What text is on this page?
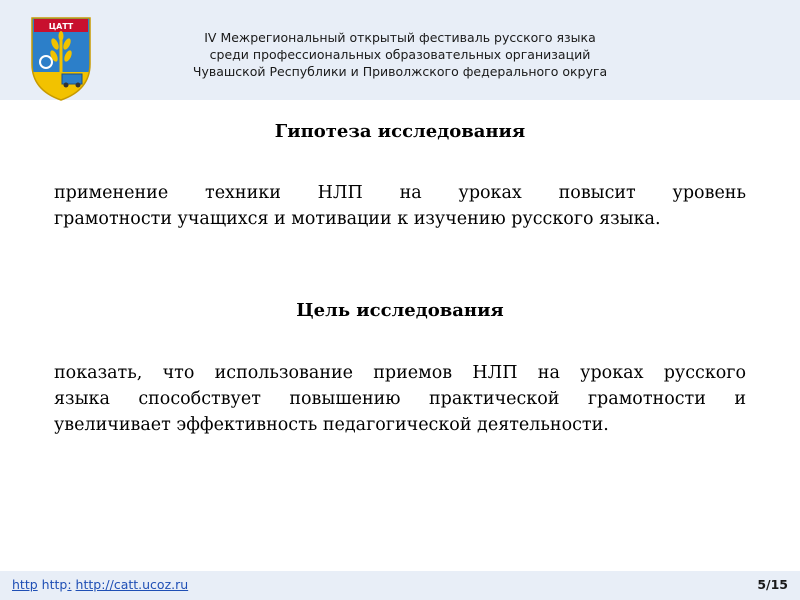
ЦАТТ
IV Межрегиональный открытый фестиваль русского языка
среди профессиональных образовательных организаций
Чувашской Республики и Приволжского федерального округа
Гипотеза исследования
применение техники НЛП на уроках повысит уровень
грамотности учащихся и мотивации к изучению русского языка.
Цель исследования
показать, что использование приемов НЛП на уроках русского
языка способствует повышению практической грамотности и
увеличивает эффективность педагогической деятельности.
http http: http://catt.ucoz.ru	5/15
